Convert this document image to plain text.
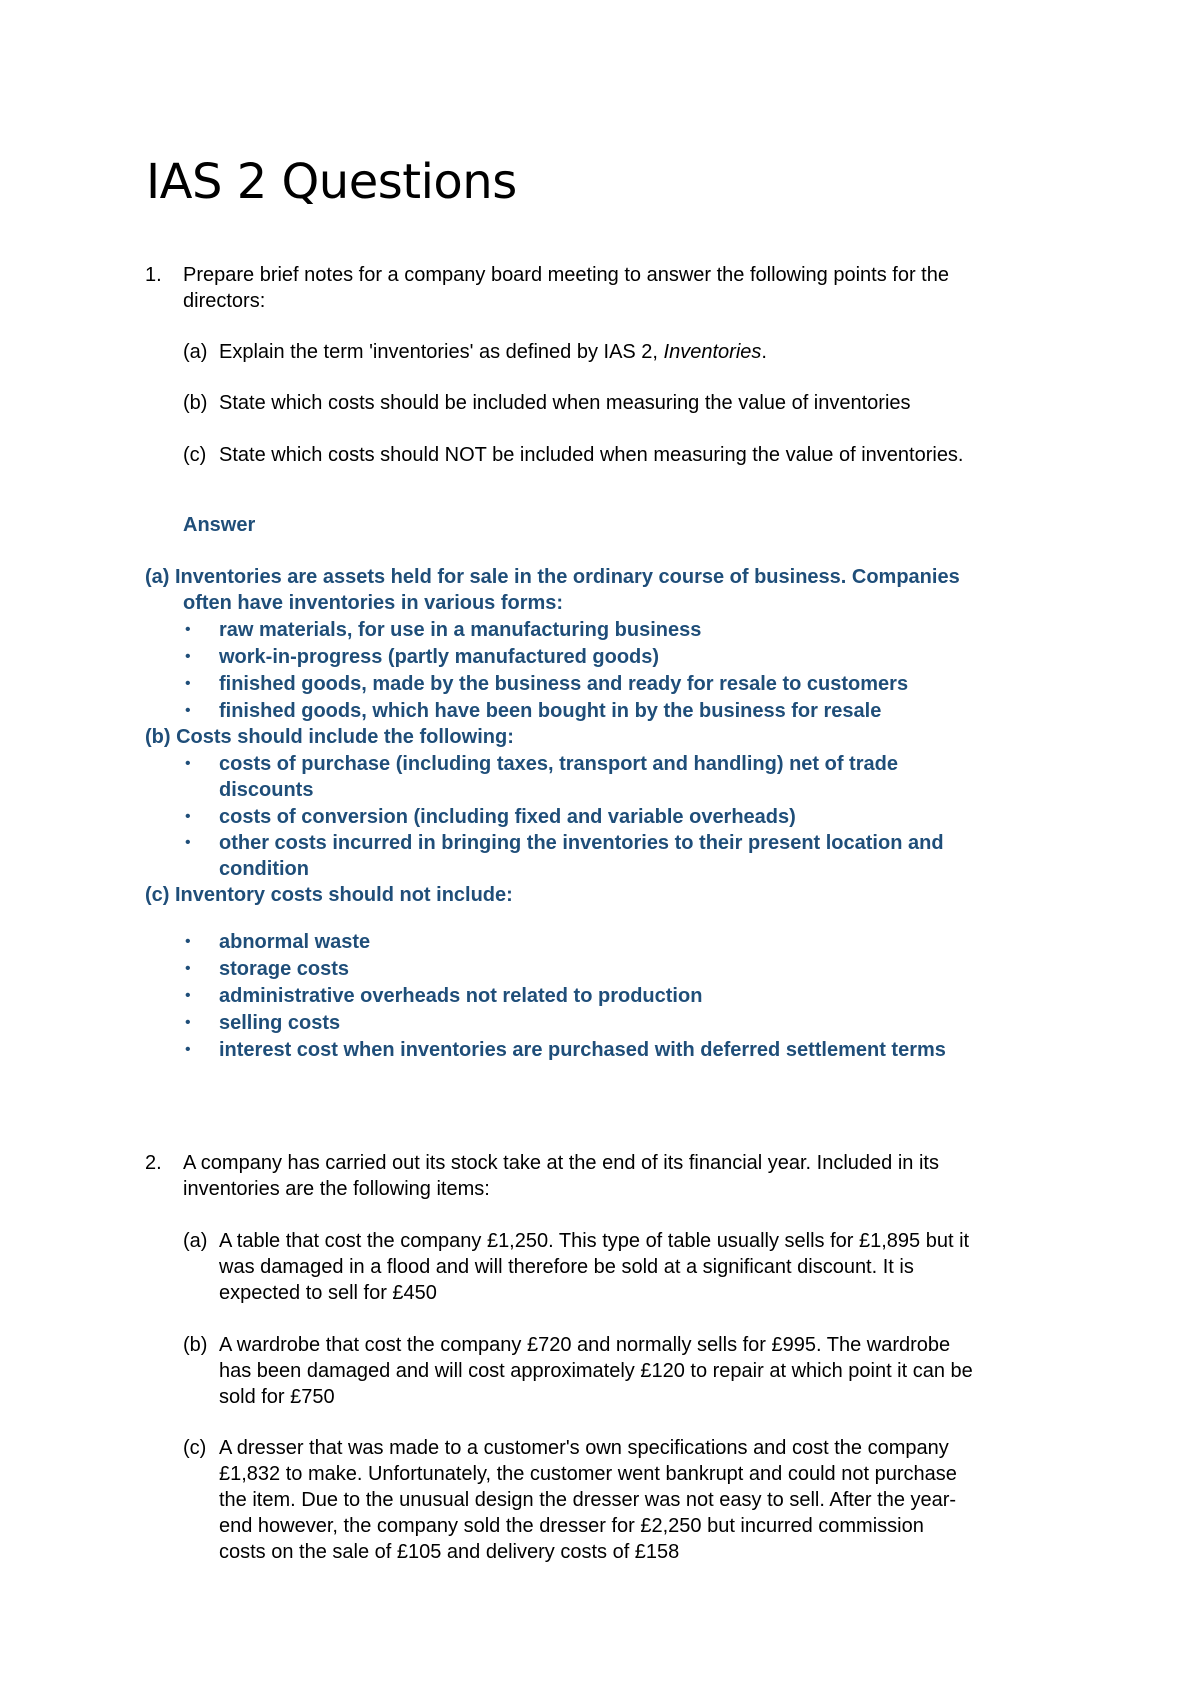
IAS 2 Questions
1. Prepare brief notes for a company board meeting to answer the following points for the
directors:
(a) Explain the term 'inventories' as defined by IAS 2, Inventories.
(b) State which costs should be included when measuring the value of inventories
(c) State which costs should NOT be included when measuring the value of inventories.
Answer
(a) Inventories are assets held for sale in the ordinary course of business. Companies
often have inventories in various forms:
• raw materials, for use in a manufacturing business
• work-in-progress (partly manufactured goods)
• finished goods, made by the business and ready for resale to customers
• finished goods, which have been bought in by the business for resale
(b) Costs should include the following:
• costs of purchase (including taxes, transport and handling) net of trade
discounts
• costs of conversion (including fixed and variable overheads)
• other costs incurred in bringing the inventories to their present location and
condition
(c) Inventory costs should not include:
• abnormal waste
• storage costs
• administrative overheads not related to production
• selling costs
• interest cost when inventories are purchased with deferred settlement terms
2. A company has carried out its stock take at the end of its financial year. Included in its
inventories are the following items:
(a) A table that cost the company £1,250. This type of table usually sells for £1,895 but it
was damaged in a flood and will therefore be sold at a significant discount. It is
expected to sell for £450
(b) A wardrobe that cost the company £720 and normally sells for £995. The wardrobe
has been damaged and will cost approximately £120 to repair at which point it can be
sold for £750
(c) A dresser that was made to a customer's own specifications and cost the company
£1,832 to make. Unfortunately, the customer went bankrupt and could not purchase
the item. Due to the unusual design the dresser was not easy to sell. After the year-
end however, the company sold the dresser for £2,250 but incurred commission
costs on the sale of £105 and delivery costs of £158
